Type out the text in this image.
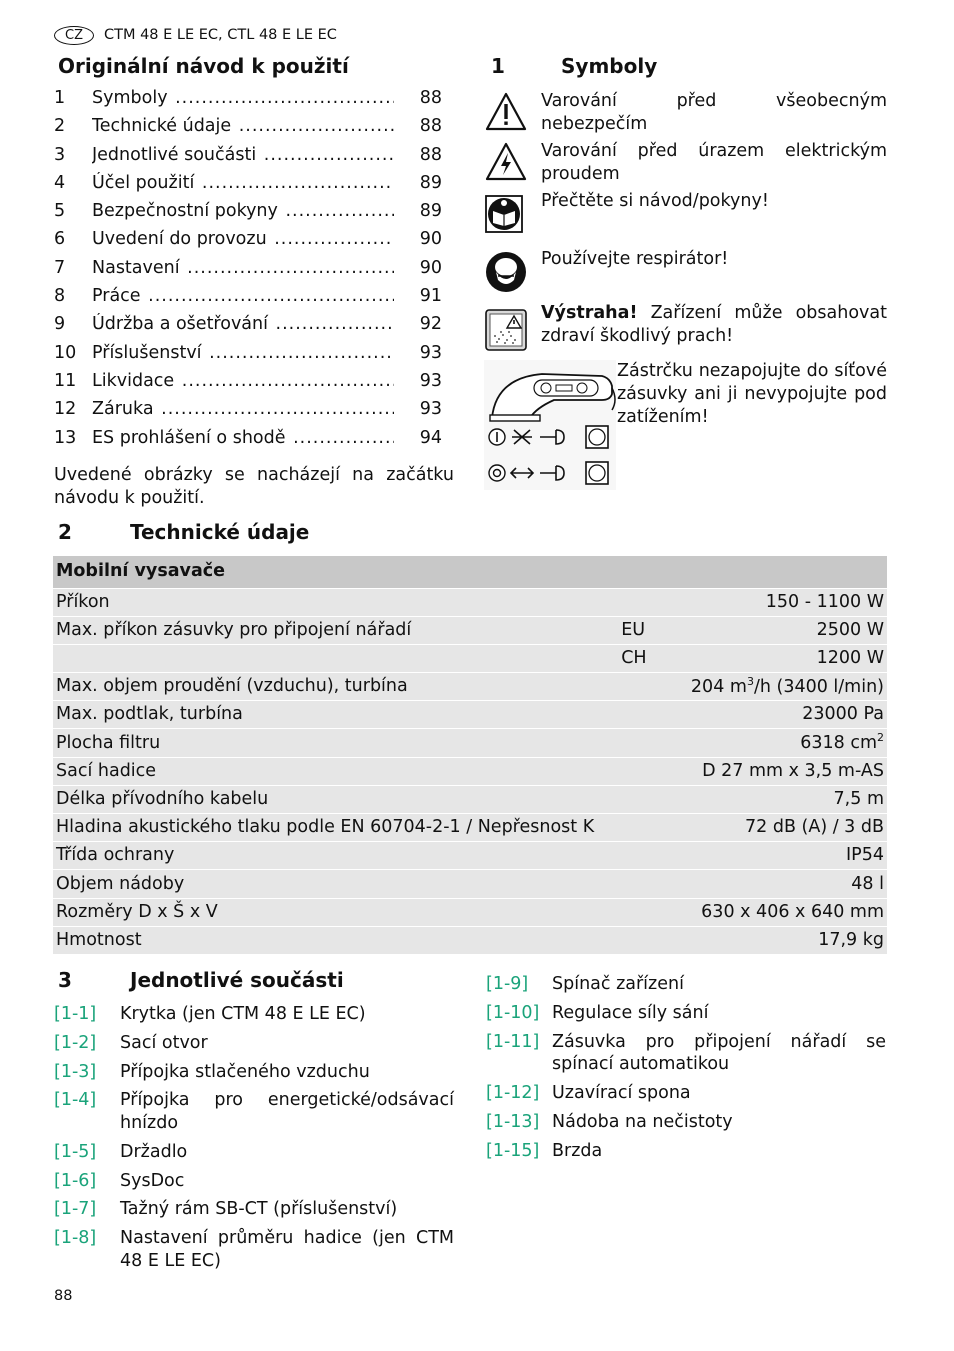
CZ	CTM 48 E LE EC, CTL 48 E LE EC
Originální návod k použití
1	Symboly .....	88
2	Technické údaje .....	88
3	Jednotlivé součásti .....	88
4	Účel použití .....	89
5	Bezpečnostní pokyny .....	89
6	Uvedení do provozu .....	90
7	Nastavení .....	90
8	Práce .....	91
9	Údržba a ošetřování .....	92
10 Příslušenství .....	93
11 Likvidace .....	93
12 Záruka .....	93
13 ES prohlášení o shodě .....	94
Uvedené obrázky se nacházejí na začátku návodu k použití.
1	Symboly
Varování před všeobecným nebezpečím
Varování před úrazem elektrickým proudem
Přečtěte si návod/pokyny!
Používejte respirátor!
Výstraha! Zařízení může obsahovat zdraví škodlivý prach!
Zástrčku nezapojujte do síťové zásuvky ani ji nevypojujte pod zatížením!
2	Technické údaje
Mobilní vysavače		
Příkon		150 - 1100 W
Max. příkon zásuvky pro připojení nářadí	EU	2500 W
	CH	1200 W
Max. objem proudění (vzduchu), turbína		204 $m^3/h$ (3400 l/min)
Max. podtlak, turbína		23000 Pa
Plocha filtru		6318 $cm^2$
Sací hadice		D 27 mm x 3,5 m-AS
Délka přívodního kabelu		7,5 m
Hladina akustického tlaku podle EN 60704-2-1 / Nepřesnost K		72 dB (A) / 3 dB
Třída ochrany		IP54
Objem nádoby		48 l
Rozměry D x Š x V		630 x 406 x 640 mm
Hmotnost		17,9 kg
3	Jednotlivé součásti
[1-1]	Krytka (jen CTM 48 E LE EC)
[1-2]	Sací otvor
[1-3]	Přípojka stlačeného vzduchu
[1-4]	Přípojka pro energetické/odsávací hnízdo
[1-5]	Držadlo
[1-6]	SysDoc
[1-7]	Tažný rám SB-CT (příslušenství)
[1-8]	Nastavení průměru hadice (jen CTM 48 E LE EC)
[1-9]	Spínač zařízení
[1-10] Regulace síly sání
[1-11] Zásuvka pro připojení nářadí se spínací automatikou
[1-12] Uzavírací spona
[1-13] Nádoba na nečistoty
[1-15] Brzda
88
